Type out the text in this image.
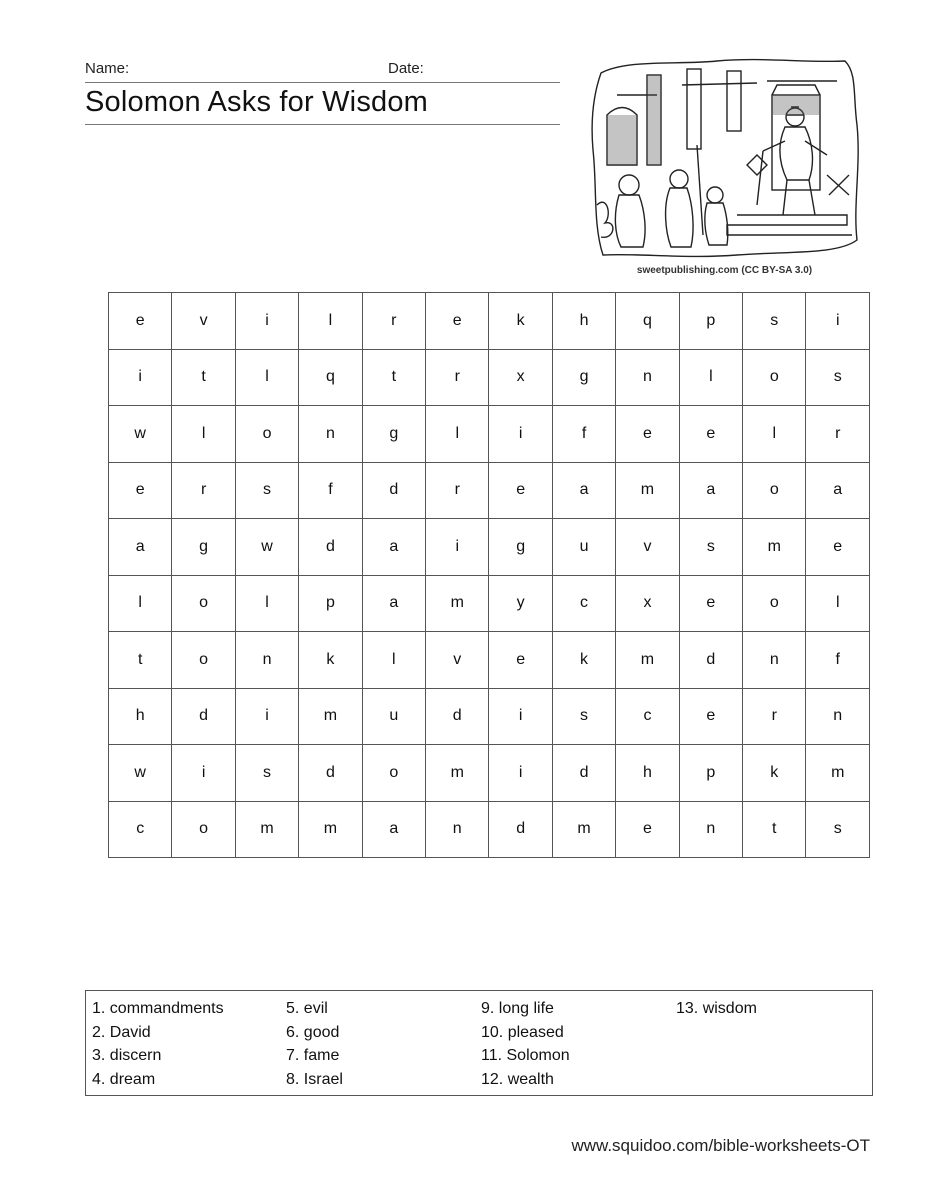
Name:	Date:
Solomon Asks for Wisdom
sweetpublishing.com (CC BY-SA 3.0)
e	v	i	l	r	e	k	h	q	p	s	i
i	t	l	q	t	r	x	g	n	l	o	s
w	l	o	n	g	l	i	f	e	e	l	r
e	r	s	f	d	r	e	a	m	a	o	a
a	g	w	d	a	i	g	u	v	s	m	e
l	o	l	p	a	m	y	c	x	e	o	l
t	o	n	k	l	v	e	k	m	d	n	f
h	d	i	m	u	d	i	s	c	e	r	n
w	i	s	d	o	m	i	d	h	p	k	m
c	o	m	m	a	n	d	m	e	n	t	s
1. commandments
2. David
3. discern
4. dream
5. evil
6. good
7. fame
8. Israel
9. long life
10. pleased
11. Solomon
12. wealth
13. wisdom
www.squidoo.com/bible-worksheets-OT
